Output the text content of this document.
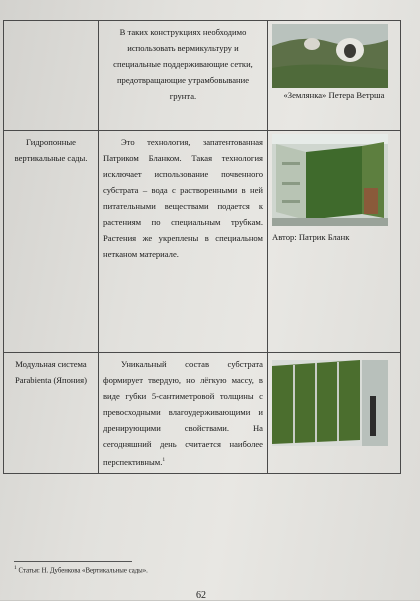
	В таких конструкциях необходимо использовать вермикультуру и специальные поддерживающие сетки, предотвращающие утрамбовывание грунта.	«Землянка» Петера Ветрша

Гидропонные вертикальные сады.	Это технология, запатентованная Патриком Бланком. Такая технология исключает использование почвенного субстрата – вода с растворенными в ней питательными веществами подается к растениям по специальным трубкам. Растения же укреплены в специальном нетканом материале.	Автор: Патрик Бланк

Модульная система Parabienta (Япония)	Уникальный состав субстрата формирует твердую, но лёгкую массу, в виде губки 5-сантиметровой толщины с превосходными влагоудерживающими и дренирующими свойствами. На сегодняшний день считается наиболее перспективным.$^1$

$^1$ Статья: Н. Дубенкова «Вертикальные сады».
62
